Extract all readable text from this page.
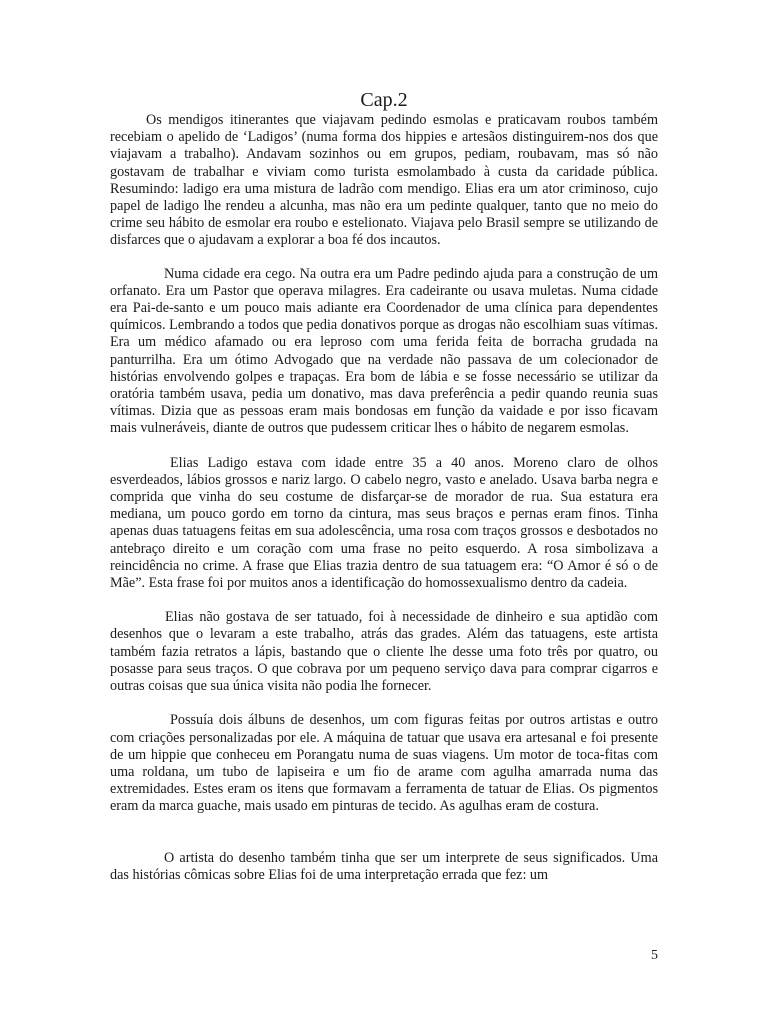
Cap.2

Os mendigos itinerantes que viajavam pedindo esmolas e praticavam roubos também recebiam o apelido de ‘Ladigos’ (numa forma dos hippies e artesãos distinguirem-nos dos que viajavam a trabalho). Andavam sozinhos ou em grupos, pediam, roubavam, mas só não gostavam de trabalhar e viviam como turista esmolambado à custa da caridade pública. Resumindo: ladigo era uma mistura de ladrão com mendigo. Elias era um ator criminoso, cujo papel de ladigo lhe rendeu a alcunha, mas não era um pedinte qualquer, tanto que no meio do crime seu hábito de esmolar era roubo e estelionato. Viajava pelo Brasil sempre se utilizando de disfarces que o ajudavam a explorar a boa fé dos incautos.

Numa cidade era cego. Na outra era um Padre pedindo ajuda para a construção de um orfanato. Era um Pastor que operava milagres. Era cadeirante ou usava muletas. Numa cidade era Pai-de-santo e um pouco mais adiante era Coordenador de uma clínica para dependentes químicos. Lembrando a todos que pedia donativos porque as drogas não escolhiam suas vítimas. Era um médico afamado ou era leproso com uma ferida feita de borracha grudada na panturrilha. Era um ótimo Advogado que na verdade não passava de um colecionador de histórias envolvendo golpes e trapaças. Era bom de lábia e se fosse necessário se utilizar da oratória também usava, pedia um donativo, mas dava preferência a pedir quando reunia suas vítimas. Dizia que as pessoas eram mais bondosas em função da vaidade e por isso ficavam mais vulneráveis, diante de outros que pudessem criticar lhes o hábito de negarem esmolas.

Elias Ladigo estava com idade entre 35 a 40 anos. Moreno claro de olhos esverdeados, lábios grossos e nariz largo. O cabelo negro, vasto e anelado. Usava barba negra e comprida que vinha do seu costume de disfarçar-se de morador de rua. Sua estatura era mediana, um pouco gordo em torno da cintura, mas seus braços e pernas eram finos. Tinha apenas duas tatuagens feitas em sua adolescência, uma rosa com traços grossos e desbotados no antebraço direito e um coração com uma frase no peito esquerdo. A rosa simbolizava a reincidência no crime. A frase que Elias trazia dentro de sua tatuagem era: “O Amor é só o de Mãe”. Esta frase foi por muitos anos a identificação do homossexualismo dentro da cadeia.

Elias não gostava de ser tatuado, foi à necessidade de dinheiro e sua aptidão com desenhos que o levaram a este trabalho, atrás das grades. Além das tatuagens, este artista também fazia retratos a lápis, bastando que o cliente lhe desse uma foto três por quatro, ou posasse para seus traços. O que cobrava por um pequeno serviço dava para comprar cigarros e outras coisas que sua única visita não podia lhe fornecer.

Possuía dois álbuns de desenhos, um com figuras feitas por outros artistas e outro com criações personalizadas por ele. A máquina de tatuar que usava era artesanal e foi presente de um hippie que conheceu em Porangatu numa de suas viagens. Um motor de toca-fitas com uma roldana, um tubo de lapiseira e um fio de arame com agulha amarrada numa das extremidades. Estes eram os itens que formavam a ferramenta de tatuar de Elias. Os pigmentos eram da marca guache, mais usado em pinturas de tecido. As agulhas eram de costura.

O artista do desenho também tinha que ser um interprete de seus significados. Uma das histórias cômicas sobre Elias foi de uma interpretação errada que fez: um

5
